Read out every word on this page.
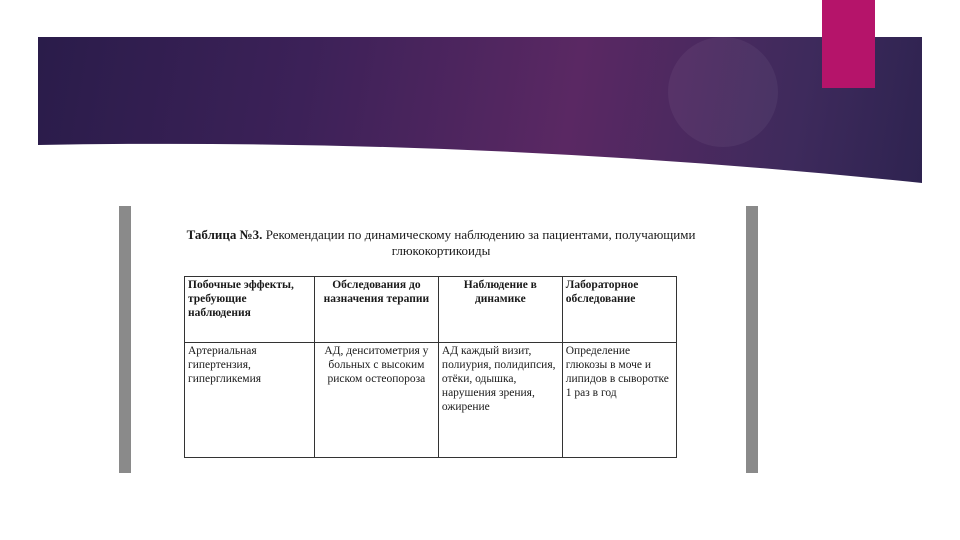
Таблица №3. Рекомендации по динамическому наблюдению за пациентами, получающими глюкокортикоиды
Побочные эффекты, требующие наблюдения	Обследования до назначения терапии	Наблюдение в динамике	Лабораторное обследование
Артериальная гипертензия, гипергликемия	АД, денситометрия у больных с высоким риском остеопороза	АД каждый визит, полиурия, полидипсия, отёки, одышка, нарушения зрения, ожирение	Определение глюкозы в моче и липидов в сыворотке 1 раз в год
